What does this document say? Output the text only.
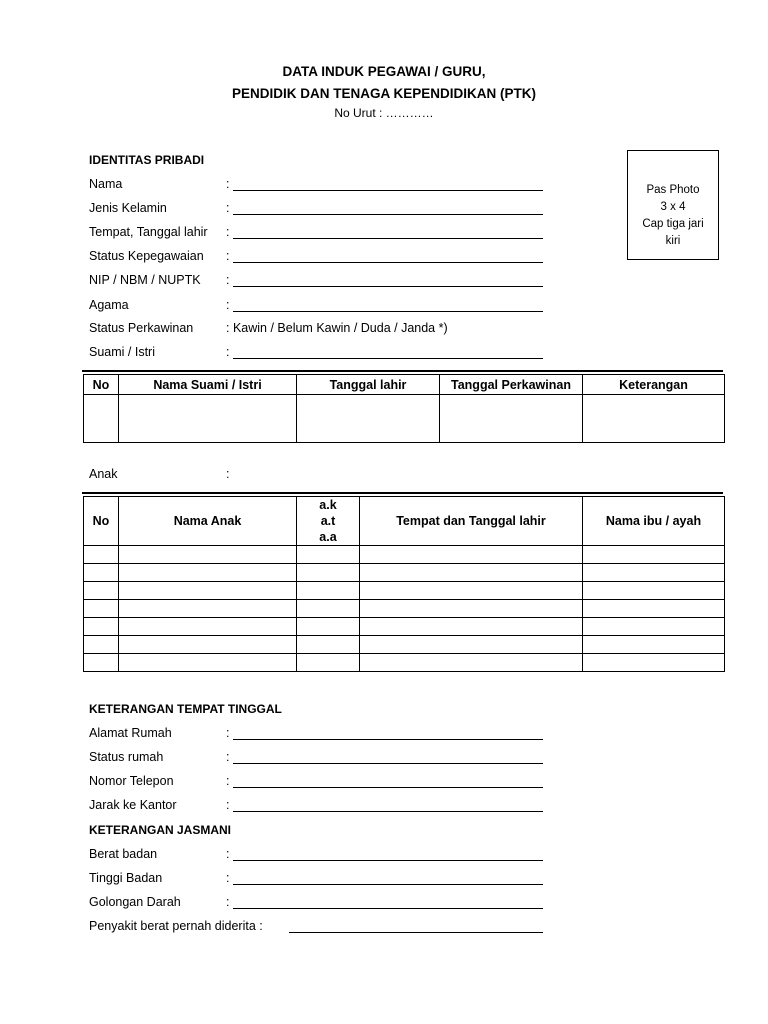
DATA INDUK PEGAWAI / GURU,
PENDIDIK DAN TENAGA KEPENDIDIKAN (PTK)
No Urut : …………
Pas Photo
3 x 4
Cap tiga jari
kiri
IDENTITAS PRIBADI
Nama	:
Jenis Kelamin	:
Tempat, Tanggal lahir :
Status Kepegawaian :
NIP / NBM / NUPTK :
Agama	:
Status Perkawinan	: Kawin / Belum Kawin / Duda / Janda *)
Suami / Istri	:
No	Nama Suami / Istri	Tanggal lahir	Tanggal Perkawinan	Keterangan

Anak	:
No	Nama Anak	a.k
a.t
a.a	Tempat dan Tanggal lahir	Nama ibu / ayah

KETERANGAN TEMPAT TINGGAL
Alamat Rumah	:
Status rumah	:
Nomor Telepon	:
Jarak ke Kantor	:
KETERANGAN JASMANI
Berat badan	:
Tinggi Badan	:
Golongan Darah	:
Penyakit berat pernah diderita :
